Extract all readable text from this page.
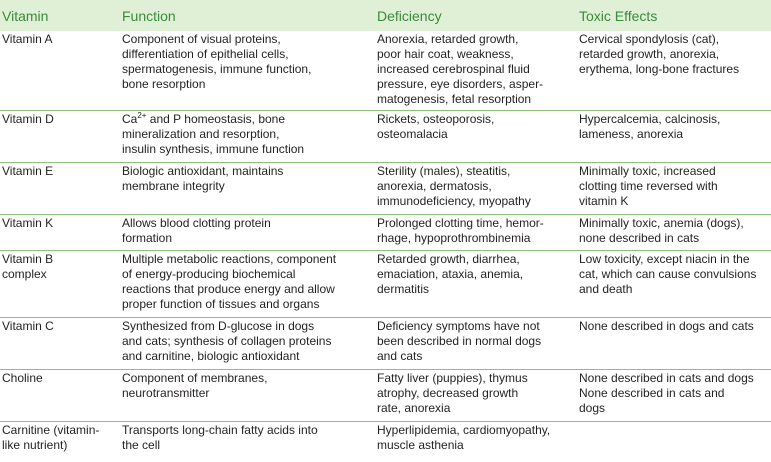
Vitamin	Function	Deficiency	Toxic Effects
Vitamin A	Component of visual proteins,
differentiation of epithelial cells,
spermatogenesis, immune function,
bone resorption	Anorexia, retarded growth,
poor hair coat, weakness,
increased cerebrospinal fluid
pressure, eye disorders, asper-
matogenesis, fetal resorption	Cervical spondylosis (cat),
retarded growth, anorexia,
erythema, long-bone fractures
Vitamin D	$Ca^{2+}$ and P homeostasis, bone
mineralization and resorption,
insulin synthesis, immune function	Rickets, osteoporosis,
osteomalacia	Hypercalcemia, calcinosis,
lameness, anorexia
Vitamin E	Biologic antioxidant, maintains
membrane integrity	Sterility (males), steatitis,
anorexia, dermatosis,
immunodeficiency, myopathy	Minimally toxic, increased
clotting time reversed with
vitamin K
Vitamin K	Allows blood clotting protein
formation	Prolonged clotting time, hemor-
rhage, hypoprothrombinemia	Minimally toxic, anemia (dogs),
none described in cats
Vitamin B
complex	Multiple metabolic reactions, component
of energy-producing biochemical
reactions that produce energy and allow
proper function of tissues and organs	Retarded growth, diarrhea,
emaciation, ataxia, anemia,
dermatitis	Low toxicity, except niacin in the
cat, which can cause convulsions
and death
Vitamin C	Synthesized from D-glucose in dogs
and cats; synthesis of collagen proteins
and carnitine, biologic antioxidant	Deficiency symptoms have not
been described in normal dogs
and cats	None described in dogs and cats
Choline	Component of membranes,
neurotransmitter	Fatty liver (puppies), thymus
atrophy, decreased growth
rate, anorexia	None described in cats and dogs
None described in cats and
dogs
Carnitine (vitamin-
like nutrient)	Transports long-chain fatty acids into
the cell	Hyperlipidemia, cardiomyopathy,
muscle asthenia	
